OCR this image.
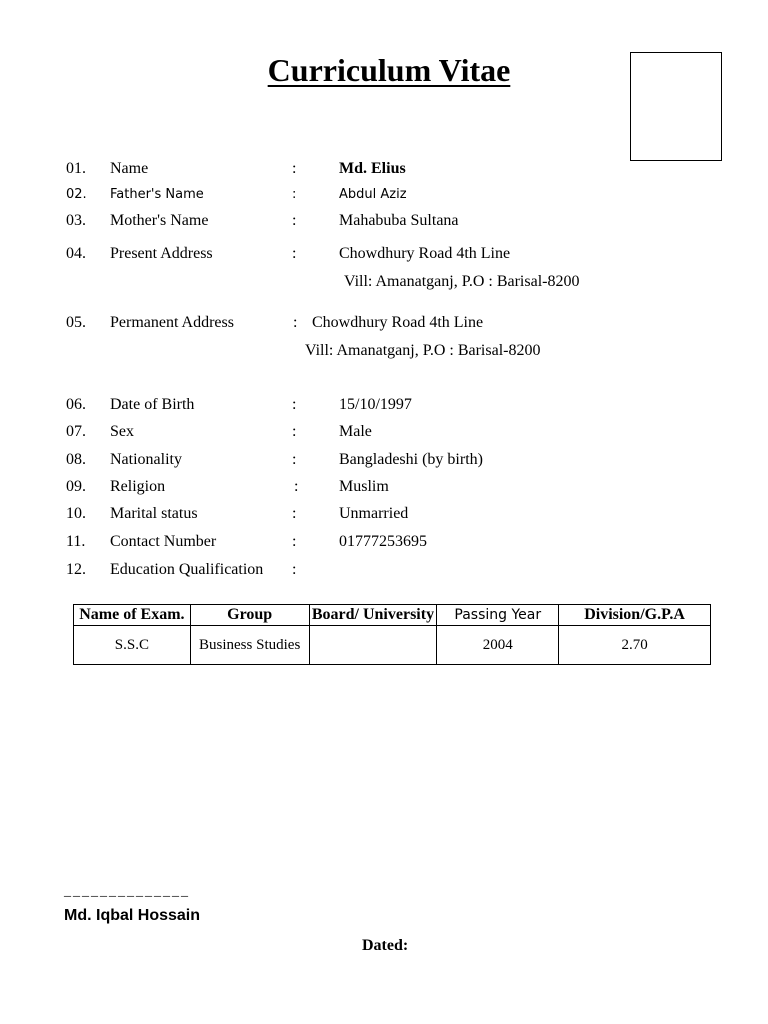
Curriculum Vitae
01. Name	:	Md. Elius
02. Father's Name	:	Abdul Aziz
03. Mother's Name	:	Mahabuba Sultana
04. Present Address	:	Chowdhury Road 4th Line
Vill: Amanatganj, P.O : Barisal-8200
05. Permanent Address	: Chowdhury Road 4th Line
Vill: Amanatganj, P.O : Barisal-8200
06. Date of Birth	:	15/10/1997
07. Sex	:	Male
08. Nationality	:	Bangladeshi (by birth)
09. Religion	:	Muslim
10. Marital status	:	Unmarried
11. Contact Number	:	01777253695
12. Education Qualification :
Name of Exam.	Group	Board/ University	Passing Year	Division/G.P.A
S.S.C	Business Studies		2004	2.70
______________
Md. Iqbal Hossain
Dated:
